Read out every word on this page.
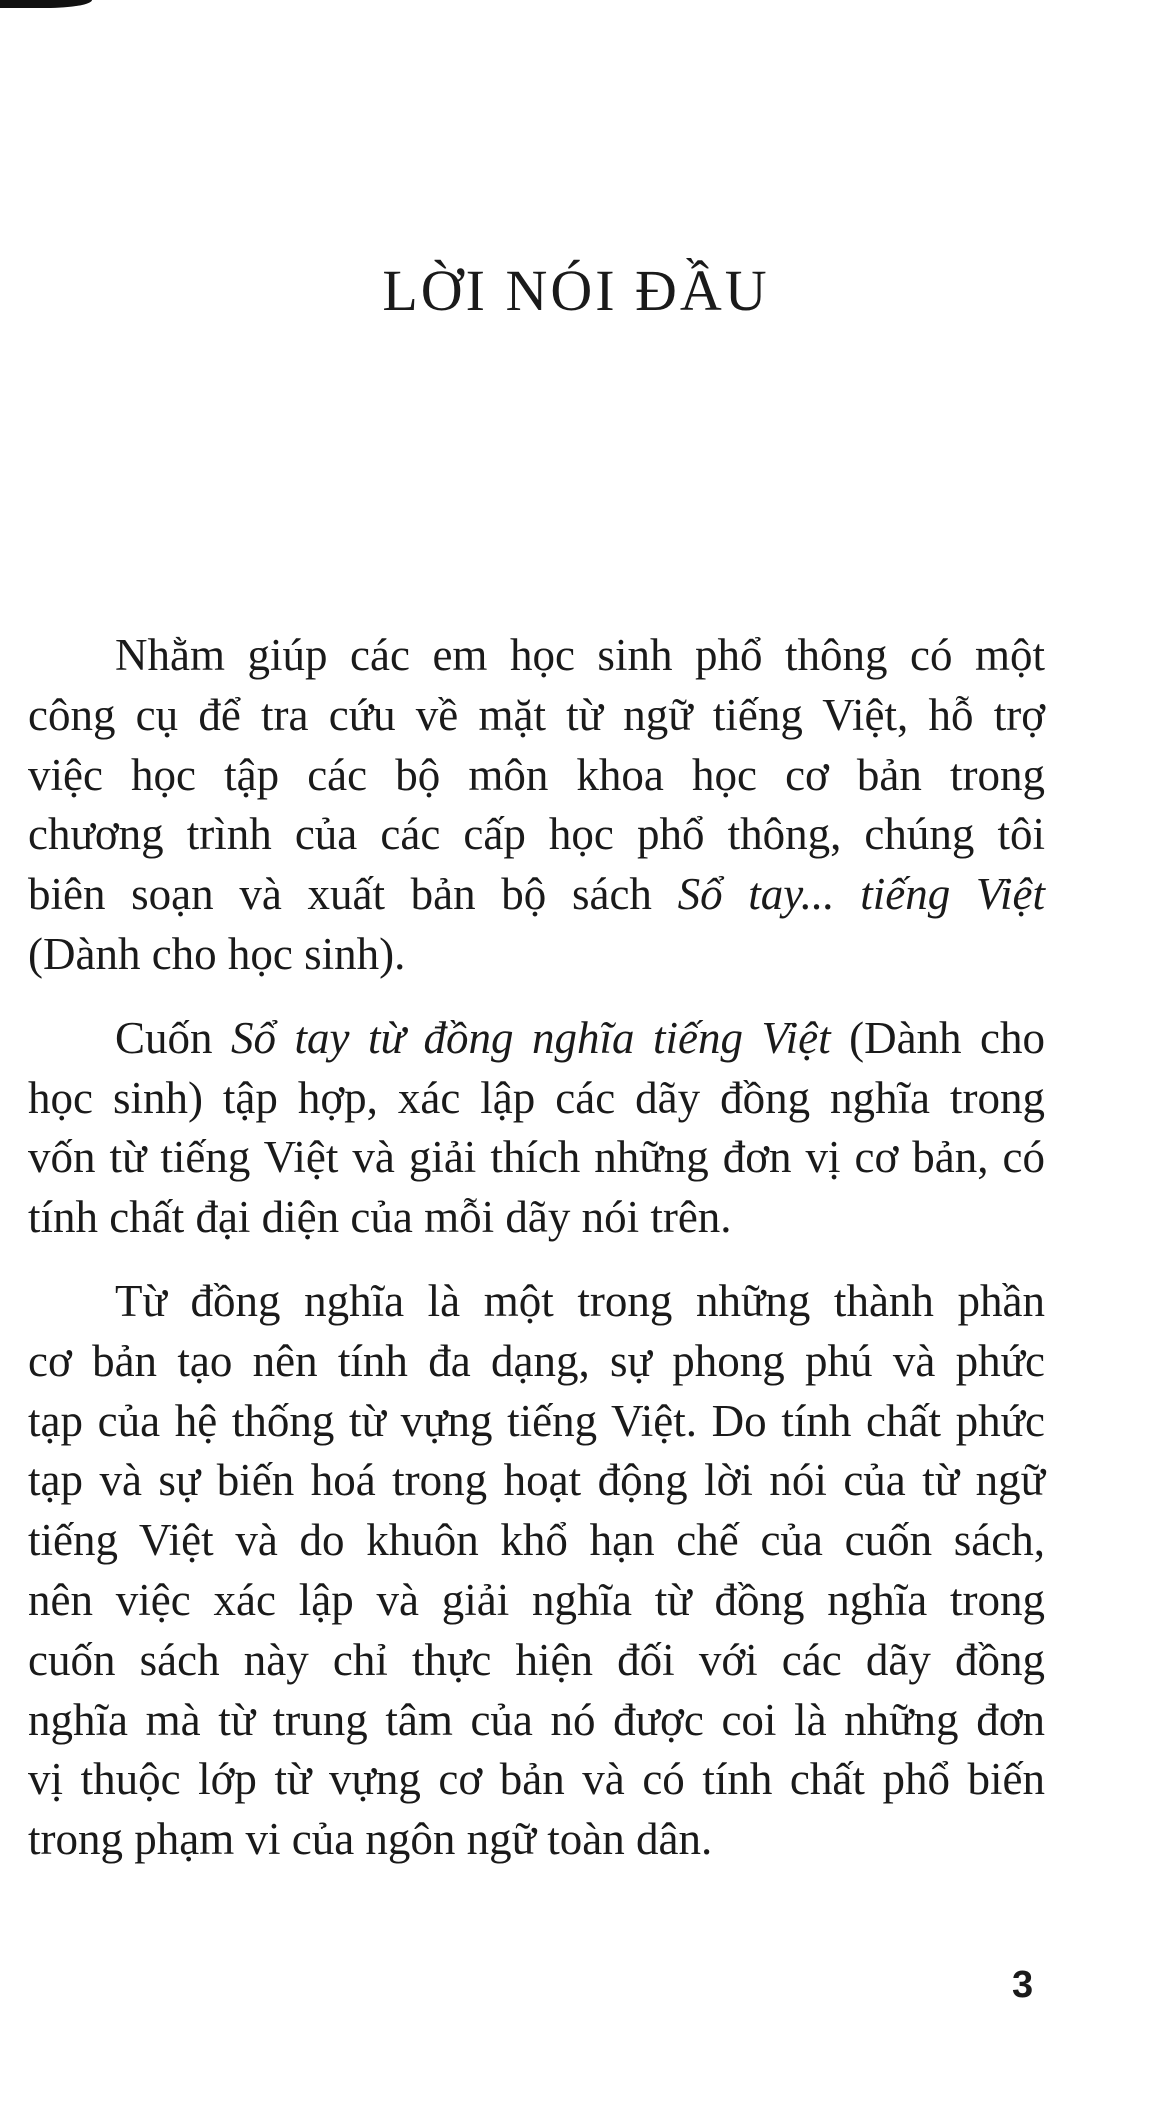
LỜI NÓI ĐẦU

Nhằm giúp các em học sinh phổ thông có một
công cụ để tra cứu về mặt từ ngữ tiếng Việt, hỗ trợ
việc học tập các bộ môn khoa học cơ bản trong
chương trình của các cấp học phổ thông, chúng tôi
biên soạn và xuất bản bộ sách Sổ tay... tiếng Việt
(Dành cho học sinh).

Cuốn Sổ tay từ đồng nghĩa tiếng Việt (Dành cho
học sinh) tập hợp, xác lập các dãy đồng nghĩa trong
vốn từ tiếng Việt và giải thích những đơn vị cơ bản, có
tính chất đại diện của mỗi dãy nói trên.

Từ đồng nghĩa là một trong những thành phần
cơ bản tạo nên tính đa dạng, sự phong phú và phức
tạp của hệ thống từ vựng tiếng Việt. Do tính chất phức
tạp và sự biến hoá trong hoạt động lời nói của từ ngữ
tiếng Việt và do khuôn khổ hạn chế của cuốn sách,
nên việc xác lập và giải nghĩa từ đồng nghĩa trong
cuốn sách này chỉ thực hiện đối với các dãy đồng
nghĩa mà từ trung tâm của nó được coi là những đơn
vị thuộc lớp từ vựng cơ bản và có tính chất phổ biến
trong phạm vi của ngôn ngữ toàn dân.

3
